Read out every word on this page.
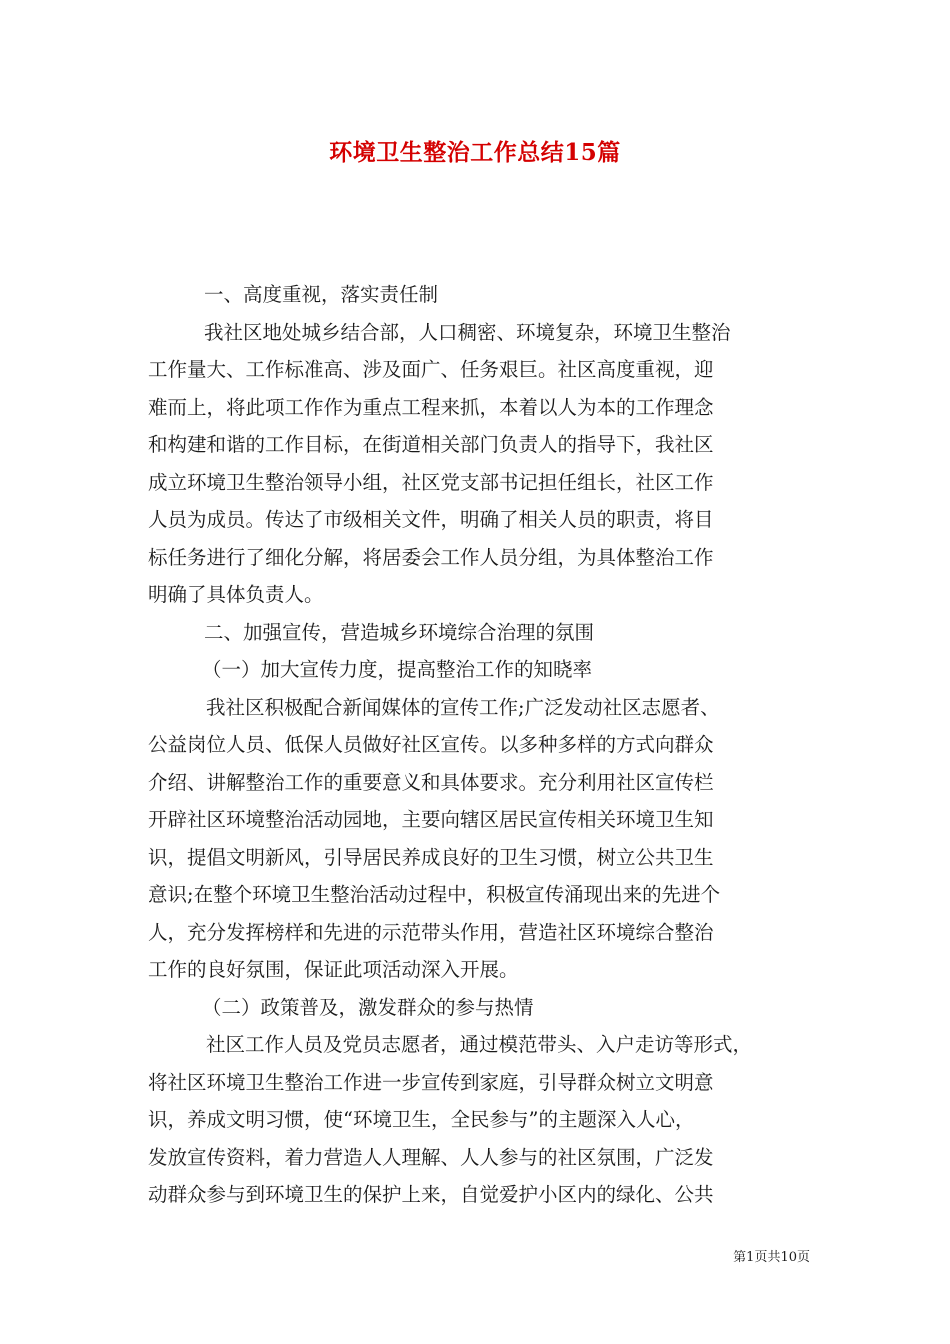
环境卫生整治工作总结15篇
一、高度重视，落实责任制
我社区地处城乡结合部，人口稠密、环境复杂，环境卫生整治
工作量大、工作标准高、涉及面广、任务艰巨。社区高度重视，迎
难而上，将此项工作作为重点工程来抓，本着以人为本的工作理念
和构建和谐的工作目标，在街道相关部门负责人的指导下，我社区
成立环境卫生整治领导小组，社区党支部书记担任组长，社区工作
人员为成员。传达了市级相关文件，明确了相关人员的职责，将目
标任务进行了细化分解，将居委会工作人员分组，为具体整治工作
明确了具体负责人。
二、加强宣传，营造城乡环境综合治理的氛围
（一）加大宣传力度，提高整治工作的知晓率
我社区积极配合新闻媒体的宣传工作;广泛发动社区志愿者、
公益岗位人员、低保人员做好社区宣传。以多种多样的方式向群众
介绍、讲解整治工作的重要意义和具体要求。充分利用社区宣传栏
开辟社区环境整治活动园地，主要向辖区居民宣传相关环境卫生知
识，提倡文明新风，引导居民养成良好的卫生习惯，树立公共卫生
意识;在整个环境卫生整治活动过程中，积极宣传涌现出来的先进个
人，充分发挥榜样和先进的示范带头作用，营造社区环境综合整治
工作的良好氛围，保证此项活动深入开展。
（二）政策普及，激发群众的参与热情
社区工作人员及党员志愿者，通过模范带头、入户走访等形式，
将社区环境卫生整治工作进一步宣传到家庭，引导群众树立文明意
识，养成文明习惯，使“环境卫生，全民参与”的主题深入人心，
发放宣传资料，着力营造人人理解、人人参与的社区氛围，广泛发
动群众参与到环境卫生的保护上来，自觉爱护小区内的绿化、公共
第1页共10页
